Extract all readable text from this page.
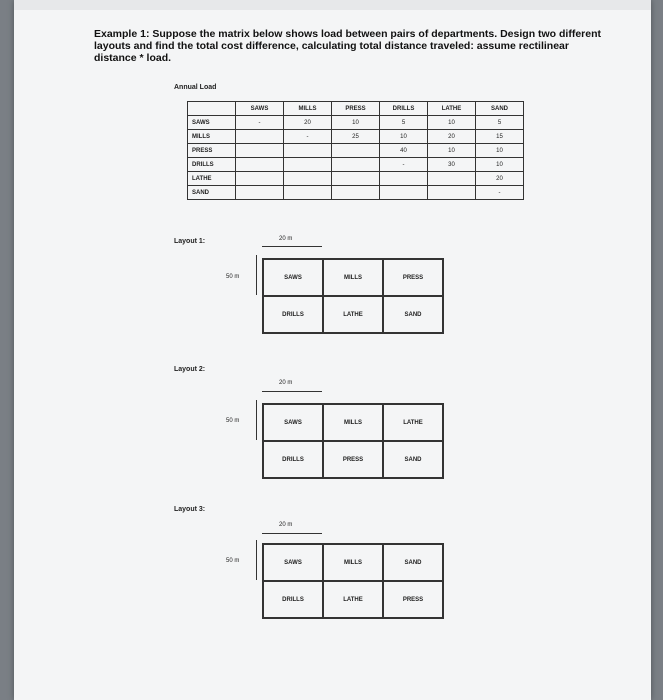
Example 1: Suppose the matrix below shows load between pairs of departments. Design two different layouts and find the total cost difference, calculating total distance traveled: assume rectilinear distance * load.
Annual Load
	SAWS	MILLS	PRESS	DRILLS	LATHE	SAND
SAWS	-	20	10	5	10	5
MILLS		-	25	10	20	15
PRESS				40	10	10
DRILLS				-	30	10
LATHE						20
SAND						-
Layout 1:	20 m
50 m	SAWS	MILLS	PRESS
DRILLS	LATHE	SAND
Layout 2:
20 m
50 m	SAWS	MILLS	LATHE
DRILLS	PRESS	SAND
Layout 3:
20 m
50 m	SAWS	MILLS	SAND
DRILLS	LATHE	PRESS
